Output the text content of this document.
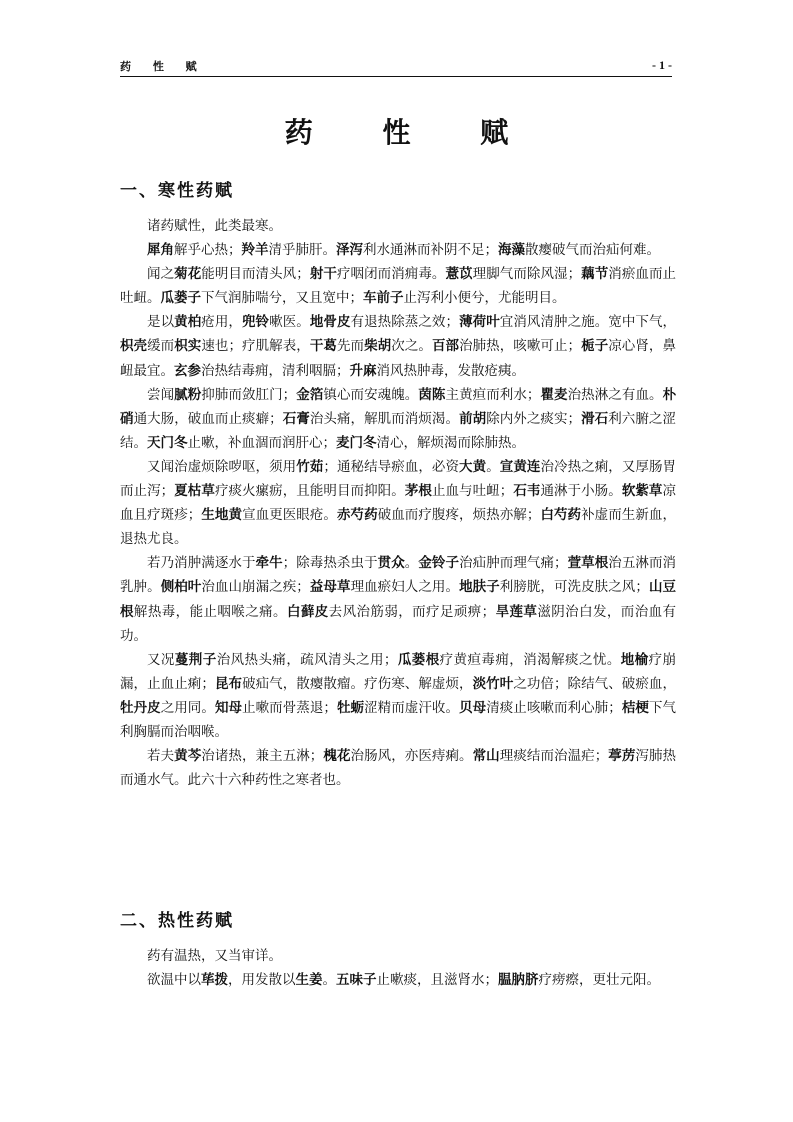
药 性 赋	- 1 -
药 性 赋
一、寒性药赋

诸药赋性，此类最寒。

犀角解乎心热；羚羊清乎肺肝。泽泻利水通淋而补阴不足；海藻散瘿破气而治疝何难。

闻之菊花能明目而清头风；射干疗咽闭而消痈毒。薏苡理脚气而除风湿；藕节消瘀血而止吐衄。瓜蒌子下气润肺喘兮，又且宽中；车前子止泻利小便兮，尤能明目。

是以黄柏疮用，兜铃嗽医。地骨皮有退热除蒸之效；薄荷叶宜消风清肿之施。宽中下气，枳壳缓而枳实速也；疗肌解表，干葛先而柴胡次之。百部治肺热，咳嗽可止；栀子凉心肾，鼻衄最宜。玄参治热结毒痈，清利咽膈；升麻消风热肿毒，发散疮痍。

尝闻腻粉抑肺而敛肛门；金箔镇心而安魂魄。茵陈主黄疸而利水；瞿麦治热淋之有血。朴硝通大肠，破血而止痰癖；石膏治头痛，解肌而消烦渴。前胡除内外之痰实；滑石利六腑之涩结。天门冬止嗽，补血涸而润肝心；麦门冬清心，解烦渴而除肺热。

又闻治虚烦除哕呕，须用竹茹；通秘结导瘀血，必资大黄。宣黄连治冷热之痢，又厚肠胃而止泻；夏枯草疗痰火瘰疬，且能明目而抑阳。茅根止血与吐衄；石韦通淋于小肠。软紫草凉血且疗斑疹；生地黄宣血更医眼疮。赤芍药破血而疗腹疼，烦热亦解；白芍药补虚而生新血，退热尤良。

若乃消肿满逐水于牵牛；除毒热杀虫于贯众。金铃子治疝肿而理气痛；萱草根治五淋而消乳肿。侧柏叶治血山崩漏之疾；益母草理血瘀妇人之用。地肤子利膀胱，可洗皮肤之风；山豆根解热毒，能止咽喉之痛。白藓皮去风治筋弱，而疗足顽痹；旱莲草滋阴治白发，而治血有功。

又况蔓荆子治风热头痛，疏风清头之用；瓜蒌根疗黄疸毒痈，消渴解痰之忧。地榆疗崩漏，止血止痢；昆布破疝气，散瘿散瘤。疗伤寒、解虚烦，淡竹叶之功倍；除结气、破瘀血，牡丹皮之用同。知母止嗽而骨蒸退；牡蛎涩精而虚汗收。贝母清痰止咳嗽而利心肺；桔梗下气利胸膈而治咽喉。

若夫黄芩治诸热，兼主五淋；槐花治肠风，亦医痔痢。常山理痰结而治温疟；葶苈泻肺热而通水气。此六十六种药性之寒者也。

二、热性药赋

药有温热，又当审详。

欲温中以荜拨，用发散以生姜。五味子止嗽痰，且滋肾水；腽肭脐疗痨瘵，更壮元阳。
